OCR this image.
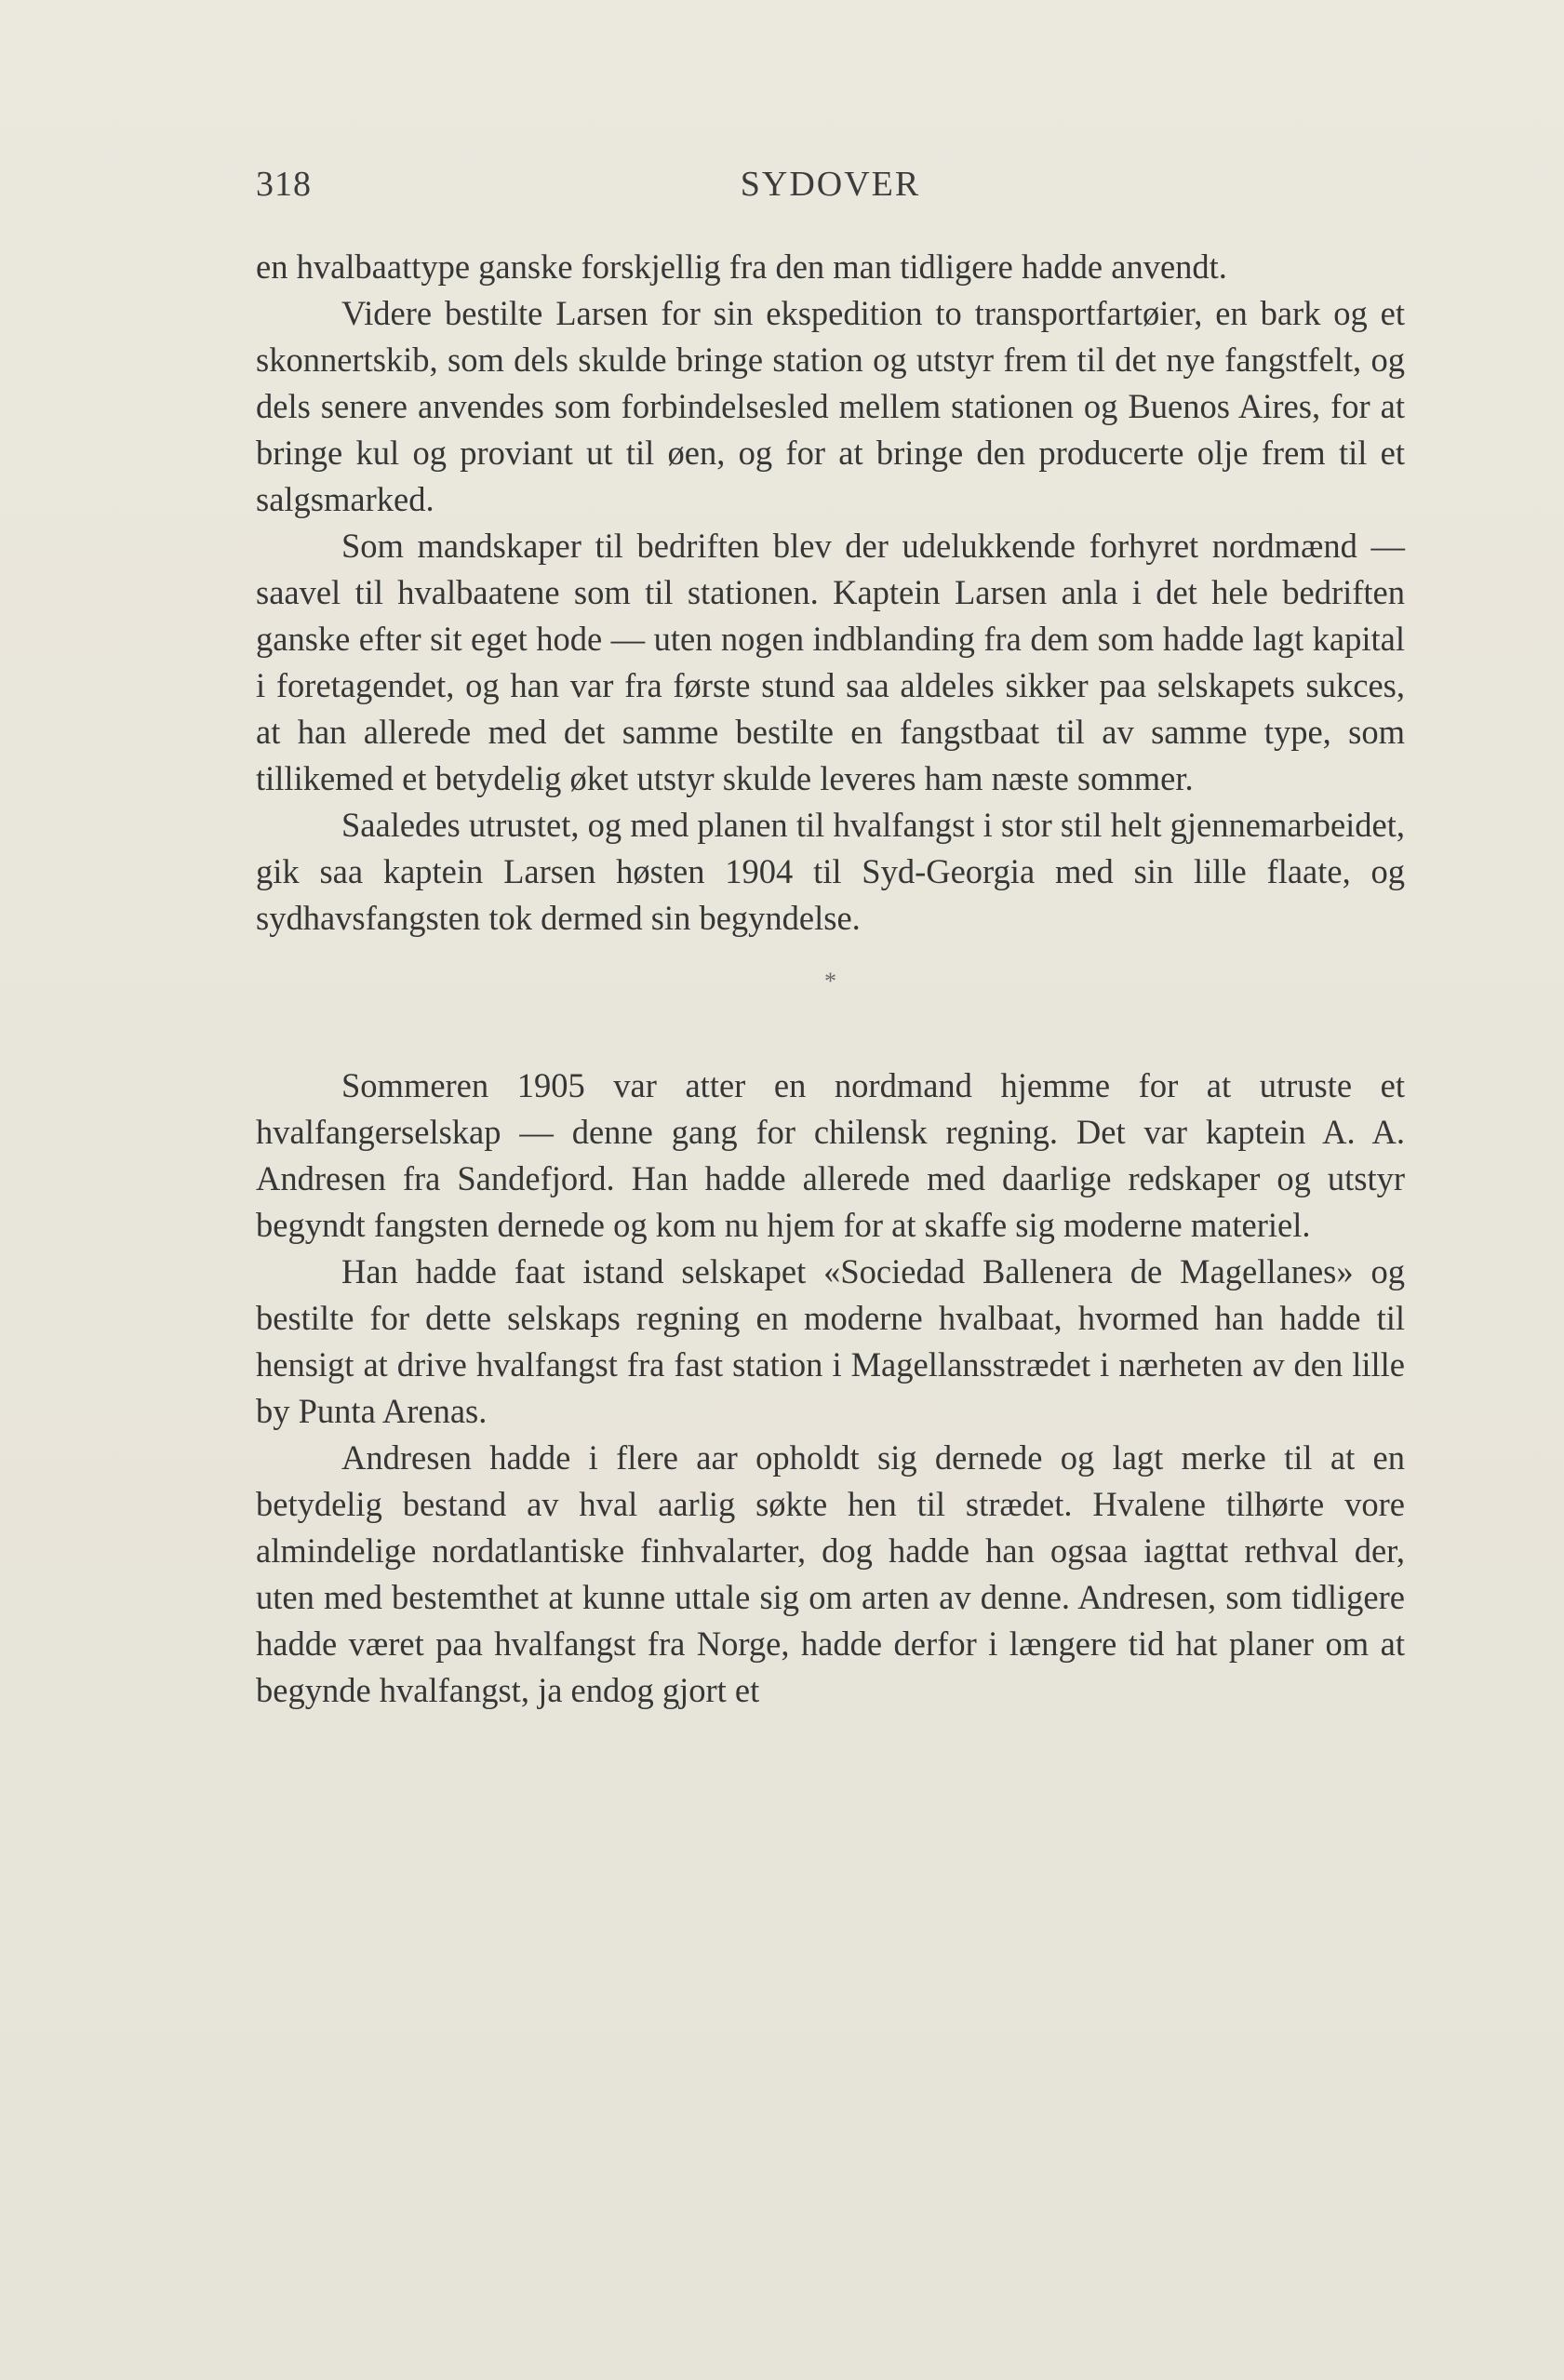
318	SYDOVER

en hvalbaattype ganske forskjellig fra den man tidligere hadde anvendt.

Videre bestilte Larsen for sin ekspedition to transportfartøier, en bark og et skonnertskib, som dels skulde bringe station og utstyr frem til det nye fangstfelt, og dels senere anvendes som forbindelsesled mellem stationen og Buenos Aires, for at bringe kul og proviant ut til øen, og for at bringe den producerte olje frem til et salgsmarked.

Som mandskaper til bedriften blev der udelukkende forhyret nordmænd — saavel til hvalbaatene som til stationen. Kaptein Larsen anla i det hele bedriften ganske efter sit eget hode — uten nogen indblanding fra dem som hadde lagt kapital i foretagendet, og han var fra første stund saa aldeles sikker paa selskapets sukces, at han allerede med det samme bestilte en fangstbaat til av samme type, som tillikemed et betydelig øket utstyr skulde leveres ham næste sommer.

Saaledes utrustet, og med planen til hvalfangst i stor stil helt gjennemarbeidet, gik saa kaptein Larsen høsten 1904 til Syd-Georgia med sin lille flaate, og sydhavsfangsten tok dermed sin begyndelse.

*

Sommeren 1905 var atter en nordmand hjemme for at utruste et hvalfangerselskap — denne gang for chilensk regning. Det var kaptein A. A. Andresen fra Sandefjord. Han hadde allerede med daarlige redskaper og utstyr begyndt fangsten dernede og kom nu hjem for at skaffe sig moderne materiel.

Han hadde faat istand selskapet «Sociedad Ballenera de Magellanes» og bestilte for dette selskaps regning en moderne hvalbaat, hvormed han hadde til hensigt at drive hvalfangst fra fast station i Magellansstrædet i nærheten av den lille by Punta Arenas.

Andresen hadde i flere aar opholdt sig dernede og lagt merke til at en betydelig bestand av hval aarlig søkte hen til strædet. Hvalene tilhørte vore almindelige nordatlantiske finhvalarter, dog hadde han ogsaa iagttat rethval der, uten med bestemthet at kunne uttale sig om arten av denne. Andresen, som tidligere hadde været paa hvalfangst fra Norge, hadde derfor i længere tid hat planer om at begynde hvalfangst, ja endog gjort et
